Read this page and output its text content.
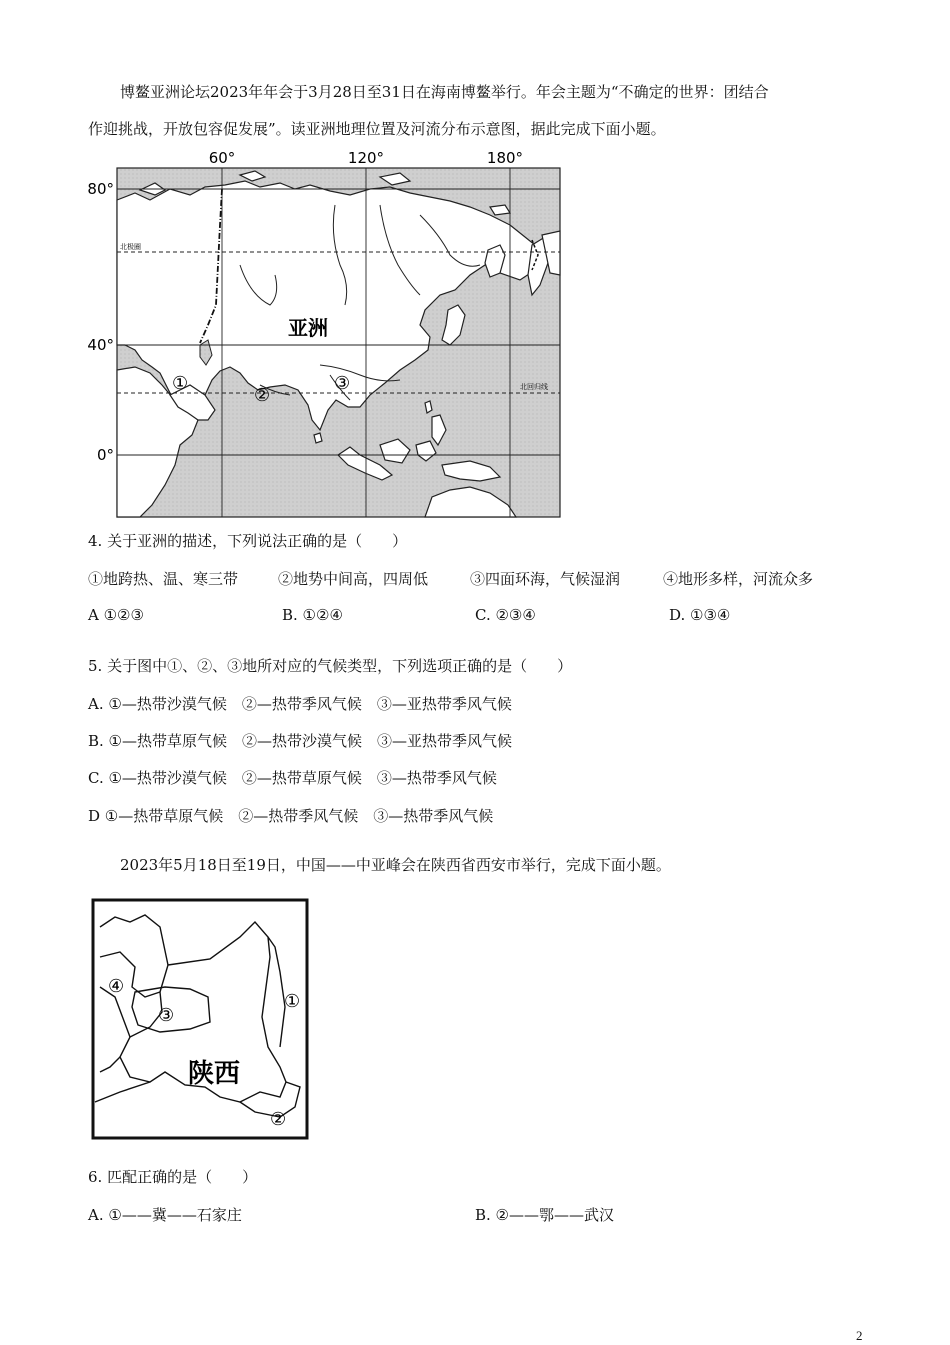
博鳌亚洲论坛2023年年会于3月28日至31日在海南博鳌举行。年会主题为“不确定的世界：团结合
作迎挑战，开放包容促发展”。读亚洲地理位置及河流分布示意图，据此完成下面小题。
60°	120°	180°
80°
40°
0°
北极圈
北回归线
亚洲
①
②
③
4. 关于亚洲的描述，下列说法正确的是（　　）
①地跨热、温、寒三带	②地势中间高，四周低	③四面环海，气候湿润	④地形多样，河流众多
A ①②③	B. ①②④	C. ②③④	D. ①③④
5. 关于图中①、②、③地所对应的气候类型，下列选项正确的是（　　）
A. ①—热带沙漠气候　②—热带季风气候　③—亚热带季风气候
B. ①—热带草原气候　②—热带沙漠气候　③—亚热带季风气候
C. ①—热带沙漠气候　②—热带草原气候　③—热带季风气候
D ①—热带草原气候　②—热带季风气候　③—热带季风气候
2023年5月18日至19日，中国——中亚峰会在陕西省西安市举行，完成下面小题。
陕西
①
②
③
④
6. 匹配正确的是（　　）
A. ①——冀——石家庄	B. ②——鄂——武汉
2
